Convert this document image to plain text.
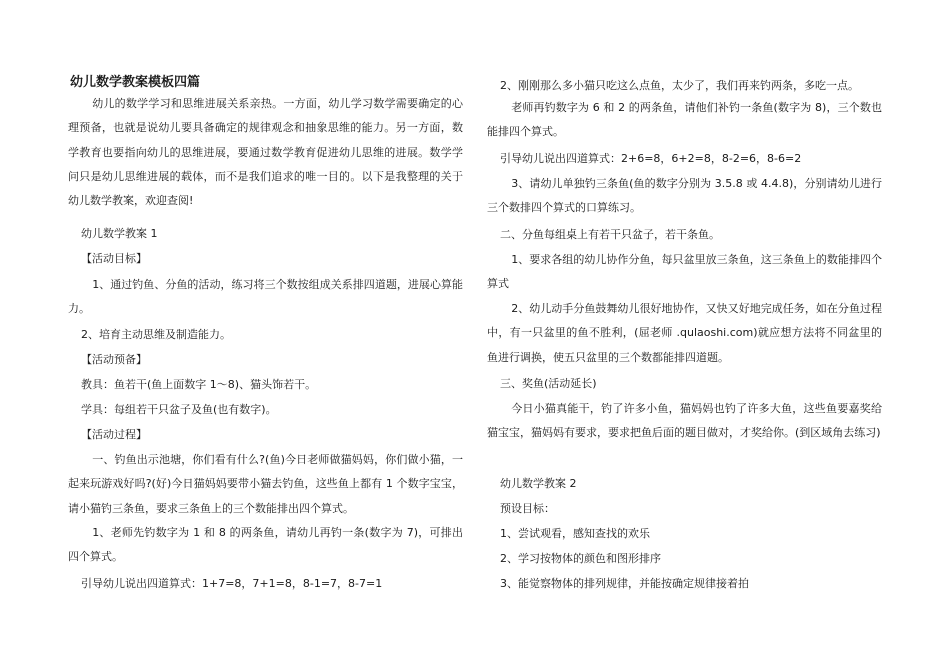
幼儿数学教案模板四篇

幼儿的数学学习和思维进展关系亲热。一方面，幼儿学习数学需要确定的心理预备，也就是说幼儿要具备确定的规律观念和抽象思维的能力。另一方面，数学教育也要指向幼儿的思维进展，要通过数学教育促进幼儿思维的进展。数学学问只是幼儿思维进展的载体，而不是我们追求的唯一目的。以下是我整理的关于幼儿数学教案，欢迎查阅!

幼儿数学教案 1
【活动目标】

1、通过钓鱼、分鱼的活动，练习将三个数按组成关系排四道题，进展心算能力。

2、培育主动思维及制造能力。
【活动预备】
教具：鱼若干(鱼上面数字 1～8)、猫头饰若干。
学具：每组若干只盆子及鱼(也有数字)。
【活动过程】

一、钓鱼出示池塘，你们看有什么?(鱼)今日老师做猫妈妈，你们做小猫，一起来玩游戏好吗?(好)今日猫妈妈要带小猫去钓鱼，这些鱼上都有 1 个数字宝宝，请小猫钓三条鱼，要求三条鱼上的三个数能排出四个算式。

1、老师先钓数字为 1 和 8 的两条鱼，请幼儿再钓一条(数字为 7)，可排出四个算式。

引导幼儿说出四道算式：1+7=8，7+1=8，8-1=7，8-7=1
2、刚刚那么多小猫只吃这么点鱼，太少了，我们再来钓两条，多吃一点。

老师再钓数字为 6 和 2 的两条鱼，请他们补钓一条鱼(数字为 8)，三个数也能排四个算式。

引导幼儿说出四道算式：2+6=8，6+2=8，8-2=6，8-6=2

3、请幼儿单独钓三条鱼(鱼的数字分别为 3.5.8 或 4.4.8)，分别请幼儿进行三个数排四个算式的口算练习。

二、分鱼每组桌上有若干只盆子，若干条鱼。

1、要求各组的幼儿协作分鱼，每只盆里放三条鱼，这三条鱼上的数能排四个算式

2、幼儿动手分鱼鼓舞幼儿很好地协作，又快又好地完成任务，如在分鱼过程中，有一只盆里的鱼不胜利，(屈老师 .qulaoshi.com)就应想方法将不同盆里的鱼进行调换，使五只盆里的三个数都能排四道题。

三、奖鱼(活动延长)

今日小猫真能干，钓了许多小鱼，猫妈妈也钓了许多大鱼，这些鱼要嘉奖给猫宝宝，猫妈妈有要求，要求把鱼后面的题目做对，才奖给你。(到区域角去练习)

幼儿数学教案 2
预设目标：
1、尝试观看，感知查找的欢乐
2、学习按物体的颜色和图形排序
3、能觉察物体的排列规律，并能按确定规律接着拍
